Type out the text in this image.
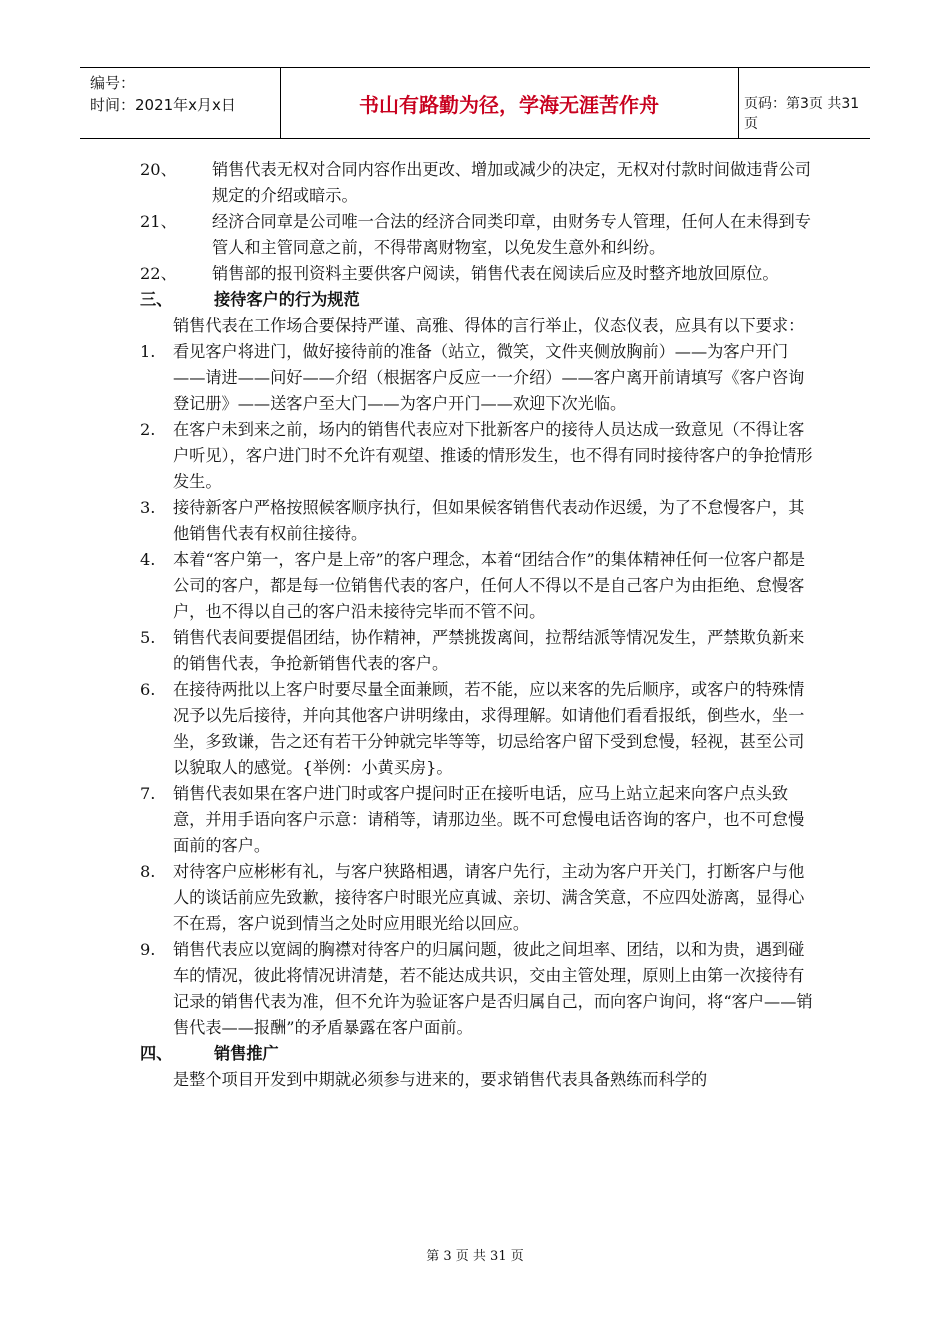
编号：
时间：2021年x月x日	书山有路勤为径，学海无涯苦作舟	页码：第3页 共31页
20、	销售代表无权对合同内容作出更改、增加或减少的决定，无权对付款时间做违背公司规定的介绍或暗示。
21、	经济合同章是公司唯一合法的经济合同类印章，由财务专人管理，任何人在未得到专管人和主管同意之前，不得带离财物室，以免发生意外和纠纷。
22、	销售部的报刊资料主要供客户阅读，销售代表在阅读后应及时整齐地放回原位。
三、	接待客户的行为规范
销售代表在工作场合要保持严谨、高雅、得体的言行举止，仪态仪表，应具有以下要求：
1.	看见客户将进门，做好接待前的准备（站立，微笑，文件夹侧放胸前）——为客户开门——请进——问好——介绍（根据客户反应一一介绍）——客户离开前请填写《客户咨询登记册》——送客户至大门——为客户开门——欢迎下次光临。
2.	在客户未到来之前，场内的销售代表应对下批新客户的接待人员达成一致意见（不得让客户听见），客户进门时不允许有观望、推诿的情形发生，也不得有同时接待客户的争抢情形发生。
3.	接待新客户严格按照候客顺序执行，但如果候客销售代表动作迟缓，为了不怠慢客户，其他销售代表有权前往接待。
4.	本着“客户第一，客户是上帝”的客户理念，本着“团结合作”的集体精神任何一位客户都是公司的客户，都是每一位销售代表的客户，任何人不得以不是自己客户为由拒绝、怠慢客户，也不得以自己的客户沿未接待完毕而不管不问。
5.	销售代表间要提倡团结，协作精神，严禁挑拨离间，拉帮结派等情况发生，严禁欺负新来的销售代表，争抢新销售代表的客户。
6.	在接待两批以上客户时要尽量全面兼顾，若不能，应以来客的先后顺序，或客户的特殊情况予以先后接待，并向其他客户讲明缘由，求得理解。如请他们看看报纸，倒些水，坐一坐，多致谦，告之还有若干分钟就完毕等等，切忌给客户留下受到怠慢，轻视，甚至公司以貌取人的感觉。{举例：小黄买房}。
7.	销售代表如果在客户进门时或客户提问时正在接听电话，应马上站立起来向客户点头致意，并用手语向客户示意：请稍等，请那边坐。既不可怠慢电话咨询的客户，也不可怠慢面前的客户。
8.	对待客户应彬彬有礼，与客户狭路相遇，请客户先行，主动为客户开关门，打断客户与他人的谈话前应先致歉，接待客户时眼光应真诚、亲切、满含笑意，不应四处游离，显得心不在焉，客户说到情当之处时应用眼光给以回应。
9.	销售代表应以宽阔的胸襟对待客户的归属问题，彼此之间坦率、团结，以和为贵，遇到碰车的情况，彼此将情况讲清楚，若不能达成共识，交由主管处理，原则上由第一次接待有记录的销售代表为准，但不允许为验证客户是否归属自己，而向客户询问，将“客户——销售代表——报酬”的矛盾暴露在客户面前。
四、	销售推广
是整个项目开发到中期就必须参与进来的，要求销售代表具备熟练而科学的
第 3 页 共 31 页
